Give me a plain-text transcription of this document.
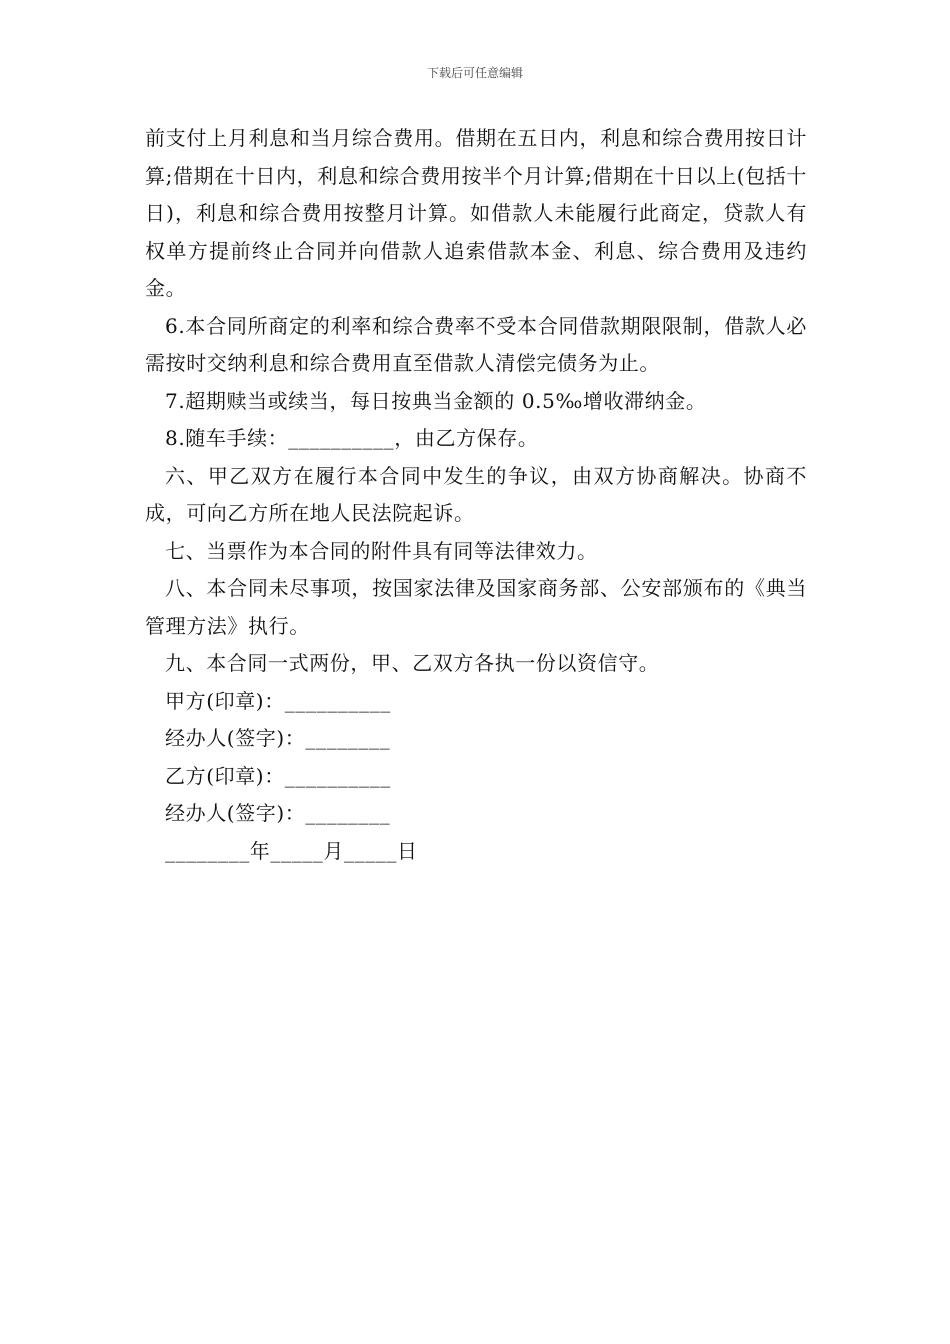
下载后可任意编辑

前支付上月利息和当月综合费用。借期在五日内，利息和综合费用按日计算;借期在十日内，利息和综合费用按半个月计算;借期在十日以上(包括十日)，利息和综合费用按整月计算。如借款人未能履行此商定，贷款人有权单方提前终止合同并向借款人追索借款本金、利息、综合费用及违约金。

6.本合同所商定的利率和综合费率不受本合同借款期限限制，借款人必需按时交纳利息和综合费用直至借款人清偿完债务为止。

7.超期赎当或续当，每日按典当金额的 0.5‰增收滞纳金。

8.随车手续：__________，由乙方保存。

六、甲乙双方在履行本合同中发生的争议，由双方协商解决。协商不成，可向乙方所在地人民法院起诉。

七、当票作为本合同的附件具有同等法律效力。

八、本合同未尽事项，按国家法律及国家商务部、公安部颁布的《典当管理方法》执行。

九、本合同一式两份，甲、乙双方各执一份以资信守。

甲方(印章)：__________
经办人(签字)：________
乙方(印章)：__________
经办人(签字)：________
________年_____月_____日
